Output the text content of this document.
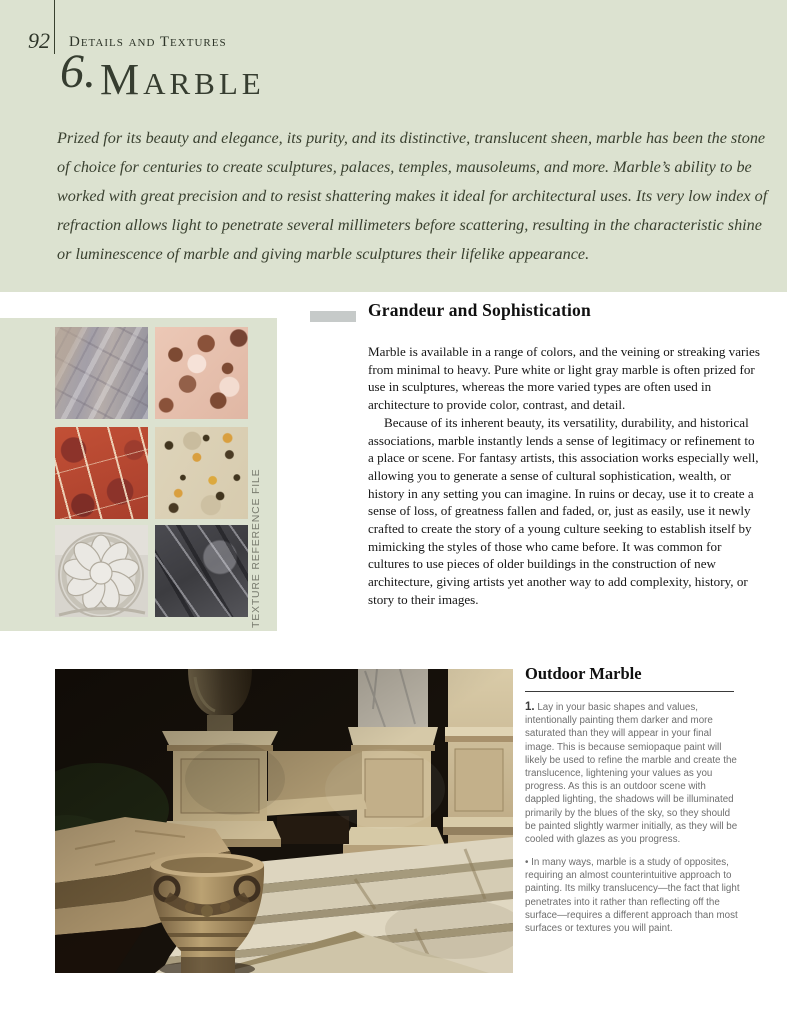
92 Details and Textures
6.Marble
Prized for its beauty and elegance, its purity, and its distinctive, translucent sheen, marble has been the stone of choice for centuries to create sculptures, palaces, temples, mausoleums, and more. Marble’s ability to be worked with great precision and to resist shattering makes it ideal for architectural uses. Its very low index of refraction allows light to penetrate several millimeters before scattering, resulting in the characteristic shine or luminescence of marble and giving marble sculptures their lifelike appearance.
TEXTURE REFERENCE FILE
Grandeur and Sophistication

Marble is available in a range of colors, and the veining or streaking varies from minimal to heavy. Pure white or light gray marble is often prized for use in sculptures, whereas the more varied types are often used in architecture to provide color, contrast, and detail.

Because of its inherent beauty, its versatility, durability, and historical associations, marble instantly lends a sense of legitimacy or refinement to a place or scene. For fantasy artists, this association works especially well, allowing you to generate a sense of cultural sophistication, wealth, or history in any setting you can imagine. In ruins or decay, use it to create a sense of loss, of greatness fallen and faded, or, just as easily, use it newly crafted to create the story of a young culture seeking to establish itself by mimicking the styles of those who came before. It was common for cultures to use pieces of older buildings in the construction of new architecture, giving artists yet another way to add complexity, history, or story to their images.

Outdoor Marble
1. Lay in your basic shapes and values, intentionally painting them darker and more saturated than they will appear in your final image. This is because semiopaque paint will likely be used to refine the marble and create the translucence, lightening your values as you progress. As this is an outdoor scene with dappled lighting, the shadows will be illuminated primarily by the blues of the sky, so they should be painted slightly warmer initially, as they will be cooled with glazes as you progress.
• In many ways, marble is a study of opposites, requiring an almost counterintuitive approach to painting. Its milky translucency—the fact that light penetrates into it rather than reflecting off the surface—requires a different approach than most surfaces or textures you will paint.
